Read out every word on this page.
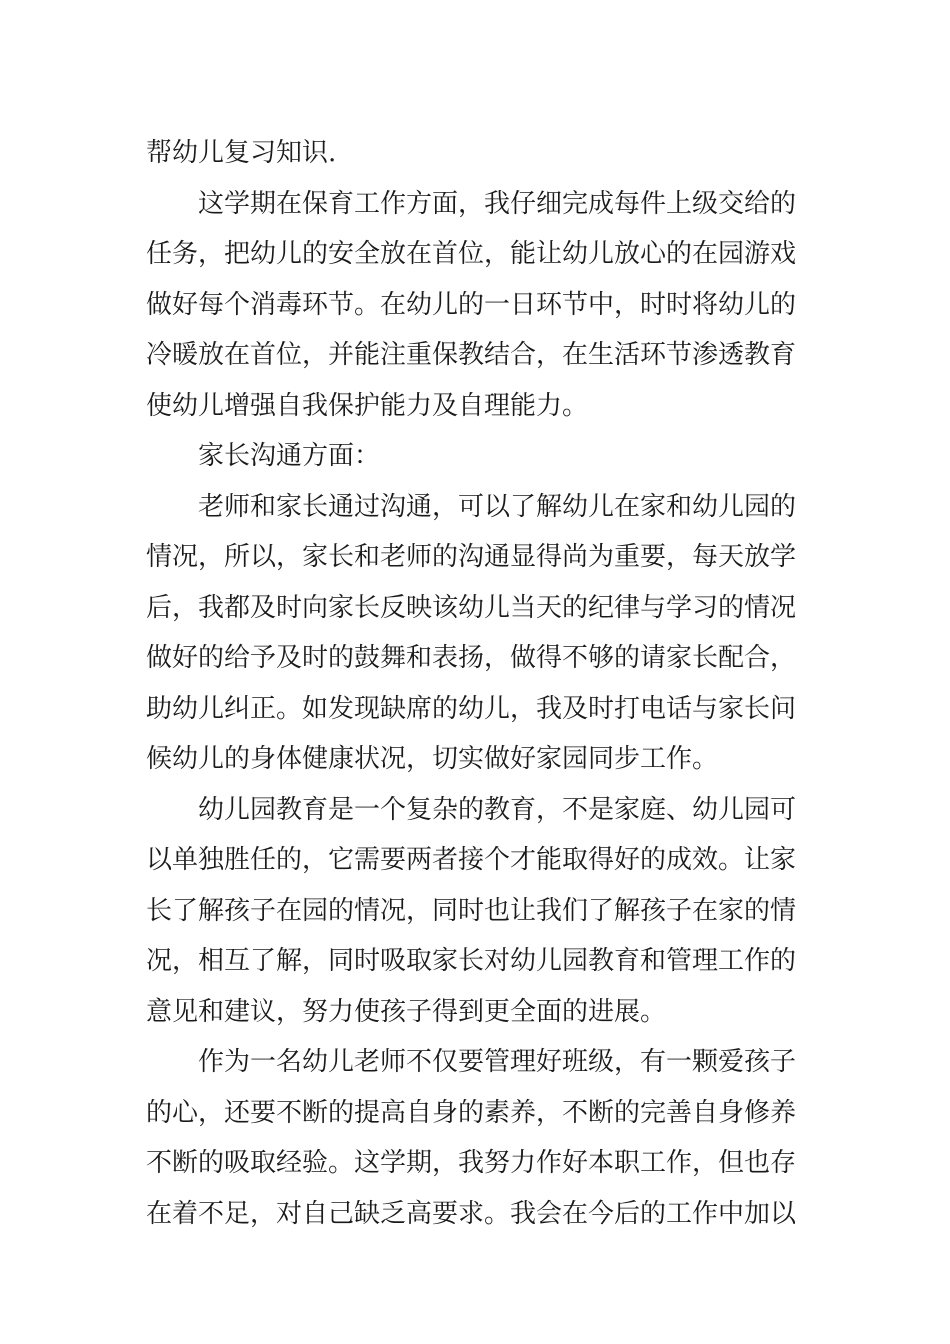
帮幼儿复习知识.
这学期在保育工作方面，我仔细完成每件上级交给的
任务，把幼儿的安全放在首位，能让幼儿放心的在园游戏
做好每个消毒环节。在幼儿的一日环节中，时时将幼儿的
冷暖放在首位，并能注重保教结合，在生活环节渗透教育
使幼儿增强自我保护能力及自理能力。
家长沟通方面：
老师和家长通过沟通，可以了解幼儿在家和幼儿园的
情况，所以，家长和老师的沟通显得尚为重要，每天放学
后，我都及时向家长反映该幼儿当天的纪律与学习的情况
做好的给予及时的鼓舞和表扬，做得不够的请家长配合，
助幼儿纠正。如发现缺席的幼儿，我及时打电话与家长问
候幼儿的身体健康状况，切实做好家园同步工作。
幼儿园教育是一个复杂的教育，不是家庭、幼儿园可
以单独胜任的，它需要两者接个才能取得好的成效。让家
长了解孩子在园的情况，同时也让我们了解孩子在家的情
况，相互了解，同时吸取家长对幼儿园教育和管理工作的
意见和建议，努力使孩子得到更全面的进展。
作为一名幼儿老师不仅要管理好班级，有一颗爱孩子
的心，还要不断的提高自身的素养，不断的完善自身修养
不断的吸取经验。这学期，我努力作好本职工作，但也存
在着不足，对自己缺乏高要求。我会在今后的工作中加以
